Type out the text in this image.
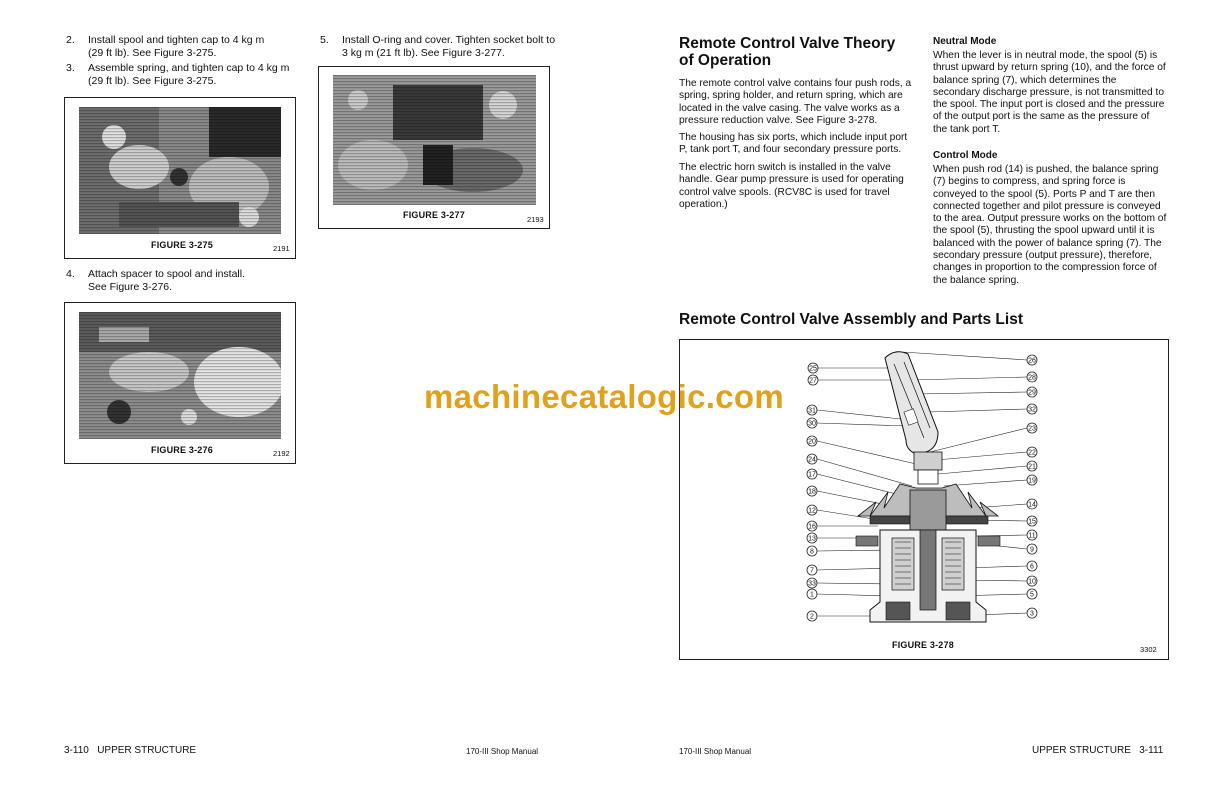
2. Install spool and tighten cap to 4 kg m
(29 ft lb). See Figure 3-275.
3. Assemble spring, and tighten cap to 4 kg m
(29 ft lb). See Figure 3-275.
5. Install O-ring and cover. Tighten socket bolt to
3 kg m (21 ft lb). See Figure 3-277.
FIGURE 3-275	2191
FIGURE 3-277	2193
4. Attach spacer to spool and install.
See Figure 3-276.
FIGURE 3-276	2192
3-110 UPPER STRUCTURE	170-III Shop Manual
Remote Control Valve Theory
of Operation
The remote control valve contains four push rods, a
spring, spring holder, and return spring, which are
located in the valve casing. The valve works as a
pressure reduction valve. See Figure 3-278.
The housing has six ports, which include input port
P, tank port T, and four secondary pressure ports.
The electric horn switch is installed in the valve
handle. Gear pump pressure is used for operating
control valve spools. (RCV8C is used for travel
operation.)
Neutral Mode
When the lever is in neutral mode, the spool (5) is
thrust upward by return spring (10), and the force of
balance spring (7), which determines the
secondary discharge pressure, is not transmitted to
the spool. The input port is closed and the pressure
of the output port is the same as the pressure of
the tank port T.
Control Mode
When push rod (14) is pushed, the balance spring
(7) begins to compress, and spring force is
conveyed to the spool (5). Ports P and T are then
connected together and pilot pressure is conveyed
to the area. Output pressure works on the bottom of
the spool (5), thrusting the spool upward until it is
balanced with the power of balance spring (7). The
secondary pressure (output pressure), therefore,
changes in proportion to the compression force of
the balance spring.
Remote Control Valve Assembly and Parts List
25
27
31
30
20
24
17
18
12
16
13
8
7
33
1
2
26
28
29
32
23
22
21
19
14
15
11
9
6
10
5
3
FIGURE 3-278	3302
170-III Shop Manual	UPPER STRUCTURE 3-111
machinecatalogic.com
